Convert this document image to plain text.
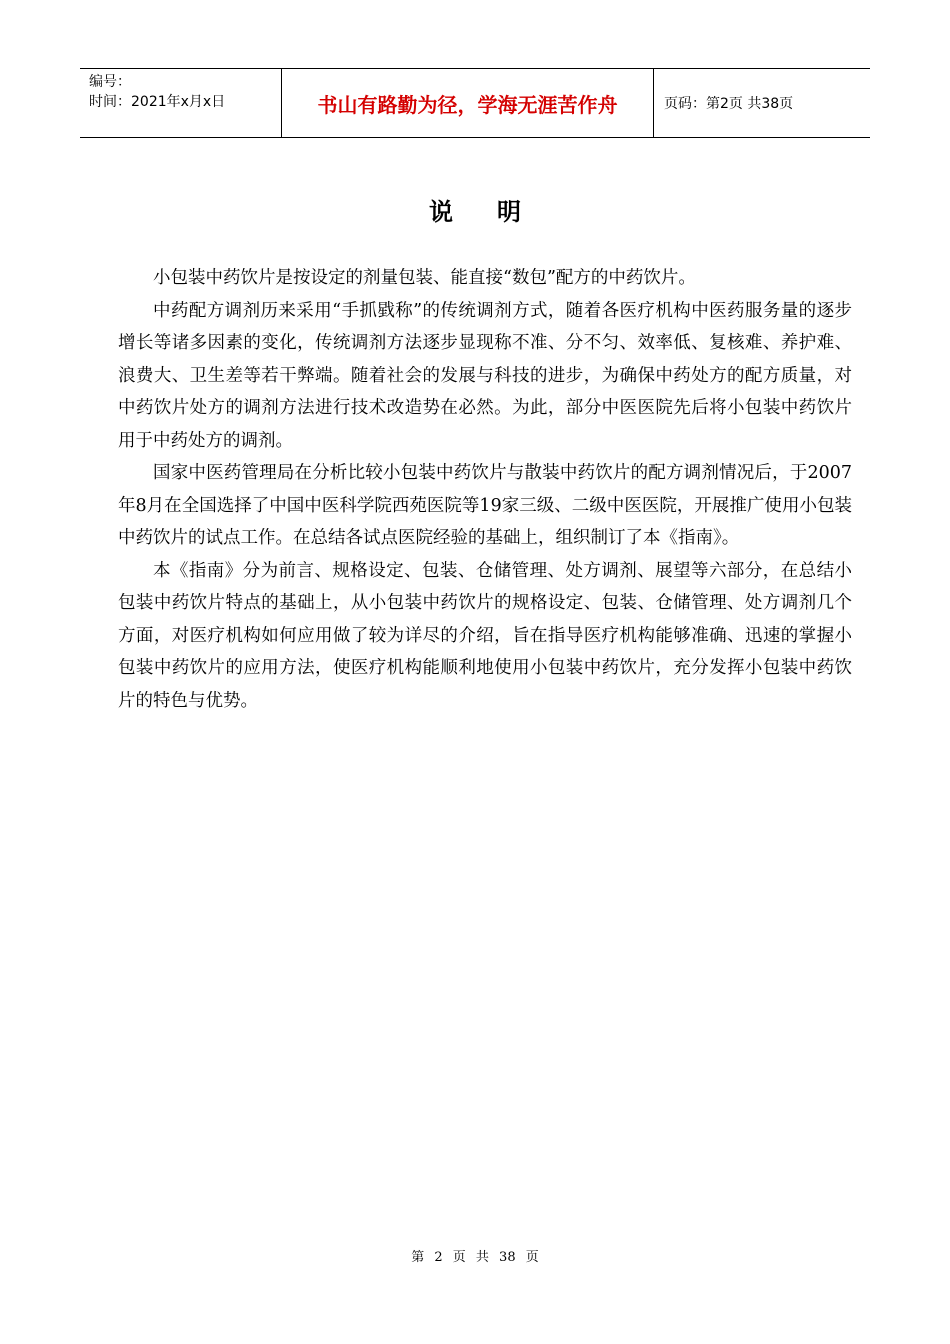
编号：
时间：2021年x月x日	书山有路勤为径，学海无涯苦作舟	页码：第2页 共38页
说明

小包装中药饮片是按设定的剂量包装、能直接“数包”配方的中药饮片。

中药配方调剂历来采用“手抓戥称”的传统调剂方式，随着各医疗机构中医药服务量的逐步增长等诸多因素的变化，传统调剂方法逐步显现称不准、分不匀、效率低、复核难、养护难、浪费大、卫生差等若干弊端。随着社会的发展与科技的进步，为确保中药处方的配方质量，对中药饮片处方的调剂方法进行技术改造势在必然。为此，部分中医医院先后将小包装中药饮片用于中药处方的调剂。

国家中医药管理局在分析比较小包装中药饮片与散装中药饮片的配方调剂情况后，于2007年8月在全国选择了中国中医科学院西苑医院等19家三级、二级中医医院，开展推广使用小包装中药饮片的试点工作。在总结各试点医院经验的基础上，组织制订了本《指南》。

本《指南》分为前言、规格设定、包装、仓储管理、处方调剂、展望等六部分，在总结小包装中药饮片特点的基础上，从小包装中药饮片的规格设定、包装、仓储管理、处方调剂几个方面，对医疗机构如何应用做了较为详尽的介绍，旨在指导医疗机构能够准确、迅速的掌握小包装中药饮片的应用方法，使医疗机构能顺利地使用小包装中药饮片，充分发挥小包装中药饮片的特色与优势。

第 2 页 共 38 页
